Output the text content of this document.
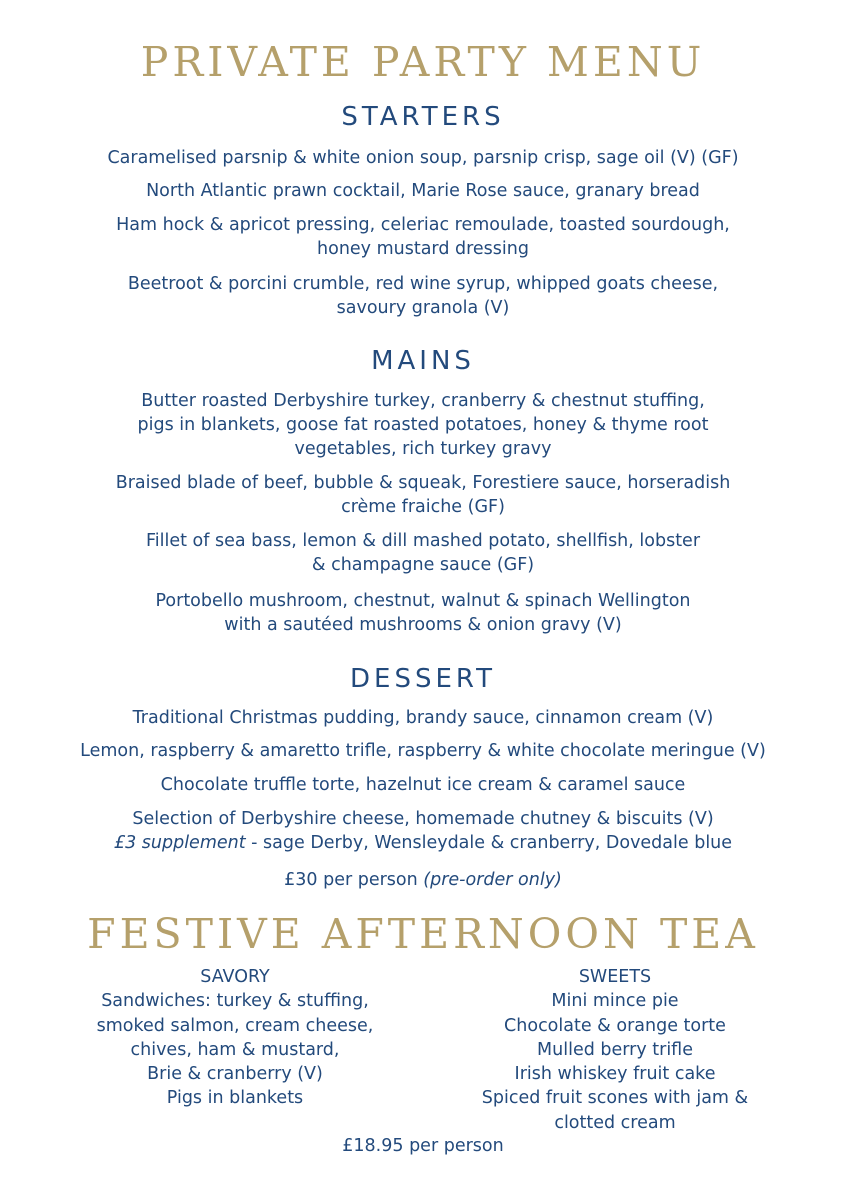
PRIVATE PARTY MENU
STARTERS
Caramelised parsnip & white onion soup, parsnip crisp, sage oil (V) (GF)
North Atlantic prawn cocktail, Marie Rose sauce, granary bread
Ham hock & apricot pressing, celeriac remoulade, toasted sourdough,
honey mustard dressing
Beetroot & porcini crumble, red wine syrup, whipped goats cheese,
savoury granola (V)
MAINS
Butter roasted Derbyshire turkey, cranberry & chestnut stuffing,
pigs in blankets, goose fat roasted potatoes, honey & thyme root
vegetables, rich turkey gravy
Braised blade of beef, bubble & squeak, Forestiere sauce, horseradish
crème fraiche (GF)
Fillet of sea bass, lemon & dill mashed potato, shellfish, lobster
& champagne sauce (GF)
Portobello mushroom, chestnut, walnut & spinach Wellington
with a sautéed mushrooms & onion gravy (V)
DESSERT
Traditional Christmas pudding, brandy sauce, cinnamon cream (V)
Lemon, raspberry & amaretto trifle, raspberry & white chocolate meringue (V)
Chocolate truffle torte, hazelnut ice cream & caramel sauce
Selection of Derbyshire cheese, homemade chutney & biscuits (V)
£3 supplement - sage Derby, Wensleydale & cranberry, Dovedale blue
£30 per person (pre-order only)
FESTIVE AFTERNOON TEA
SAVORY
Sandwiches: turkey & stuffing,
smoked salmon, cream cheese,
chives, ham & mustard,
Brie & cranberry (V)
Pigs in blankets
SWEETS
Mini mince pie
Chocolate & orange torte
Mulled berry trifle
Irish whiskey fruit cake
Spiced fruit scones with jam &
clotted cream
£18.95 per person
